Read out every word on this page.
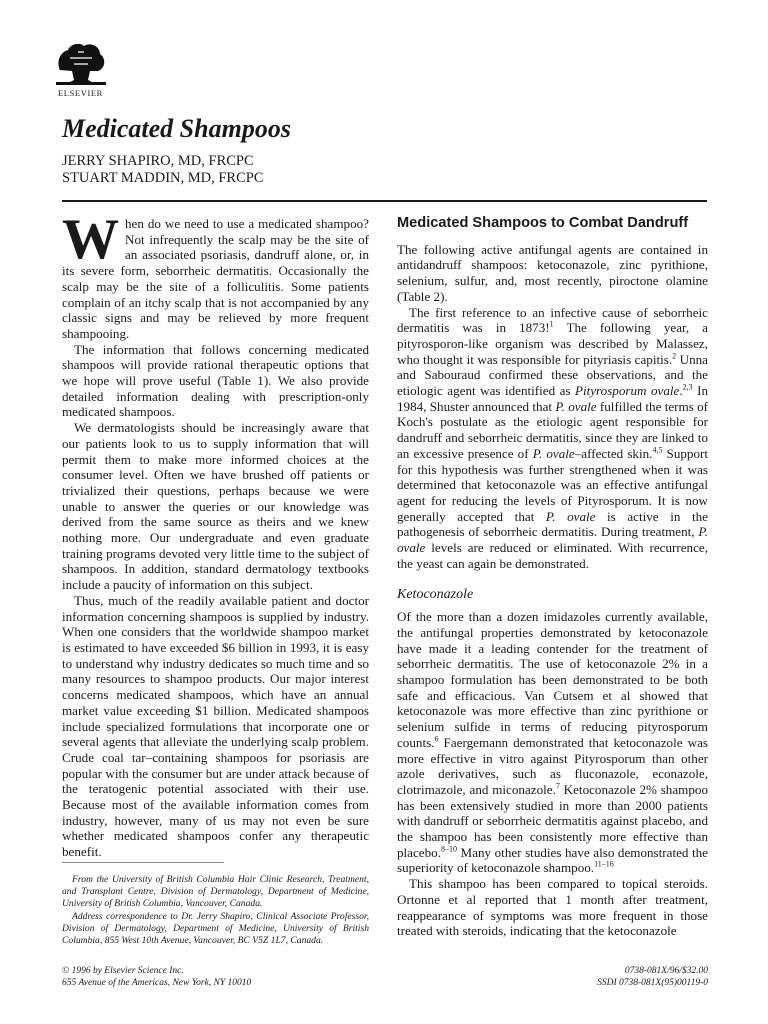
ELSEVIER
Medicated Shampoos
JERRY SHAPIRO, MD, FRCPC
STUART MADDIN, MD, FRCPC

When do we need to use a medicated shampoo? Not infrequently the scalp may be the site of an associated psoriasis, dandruff alone, or, in its severe form, seborrheic dermatitis. Occasionally the scalp may be the site of a folliculitis. Some patients complain of an itchy scalp that is not accompanied by any classic signs and may be relieved by more frequent shampooing.

The information that follows concerning medicated shampoos will provide rational therapeutic options that we hope will prove useful (Table 1). We also provide detailed information dealing with prescription-only medicated shampoos.

We dermatologists should be increasingly aware that our patients look to us to supply information that will permit them to make more informed choices at the consumer level. Often we have brushed off patients or trivialized their questions, perhaps because we were unable to answer the queries or our knowledge was derived from the same source as theirs and we knew nothing more. Our undergraduate and even graduate training programs devoted very little time to the subject of shampoos. In addition, standard dermatology textbooks include a paucity of information on this subject.

Thus, much of the readily available patient and doctor information concerning shampoos is supplied by industry. When one considers that the worldwide shampoo market is estimated to have exceeded $6 billion in 1993, it is easy to understand why industry dedicates so much time and so many resources to shampoo products. Our major interest concerns medicated shampoos, which have an annual market value exceeding $1 billion. Medicated shampoos include specialized formulations that incorporate one or several agents that alleviate the underlying scalp problem. Crude coal tar–containing shampoos for psoriasis are popular with the consumer but are under attack because of the teratogenic potential associated with their use. Because most of the available information comes from industry, however, many of us may not even be sure whether medicated shampoos confer any therapeutic benefit.

From the University of British Columbia Hair Clinic Research, Treatment, and Transplant Centre, Division of Dermatology, Department of Medicine, University of British Columbia, Vancouver, Canada.

Address correspondence to Dr. Jerry Shapiro, Clinical Associate Professor, Division of Dermatology, Department of Medicine, University of British Columbia, 855 West 10th Avenue, Vancouver, BC V5Z 1L7, Canada.

Medicated Shampoos to Combat Dandruff

The following active antifungal agents are contained in antidandruff shampoos: ketoconazole, zinc pyrithione, selenium, sulfur, and, most recently, piroctone olamine (Table 2).

The first reference to an infective cause of seborrheic dermatitis was in 1873!$^1$ The following year, a pityrosporon-like organism was described by Malassez, who thought it was responsible for pityriasis capitis.$^2$ Unna and Sabouraud confirmed these observations, and the etiologic agent was identified as Pityrosporum ovale.$^{2,3}$ In 1984, Shuster announced that P. ovale fulfilled the terms of Koch's postulate as the etiologic agent responsible for dandruff and seborrheic dermatitis, since they are linked to an excessive presence of P. ovale–affected skin.$^{4,5}$ Support for this hypothesis was further strengthened when it was determined that ketoconazole was an effective antifungal agent for reducing the levels of Pityrosporum. It is now generally accepted that P. ovale is active in the pathogenesis of seborrheic dermatitis. During treatment, P. ovale levels are reduced or eliminated. With recurrence, the yeast can again be demonstrated.

Ketoconazole

Of the more than a dozen imidazoles currently available, the antifungal properties demonstrated by ketoconazole have made it a leading contender for the treatment of seborrheic dermatitis. The use of ketoconazole 2% in a shampoo formulation has been demonstrated to be both safe and efficacious. Van Cutsem et al showed that ketoconazole was more effective than zinc pyrithione or selenium sulfide in terms of reducing pityrosporum counts.$^6$ Faergemann demonstrated that ketoconazole was more effective in vitro against Pityrosporum than other azole derivatives, such as fluconazole, econazole, clotrimazole, and miconazole.$^7$ Ketoconazole 2% shampoo has been extensively studied in more than 2000 patients with dandruff or seborrheic dermatitis against placebo, and the shampoo has been consistently more effective than placebo.$^{8-10}$ Many other studies have also demonstrated the superiority of ketoconazole shampoo.$^{11-16}$

This shampoo has been compared to topical steroids. Ortonne et al reported that 1 month after treatment, reappearance of symptoms was more frequent in those treated with steroids, indicating that the ketoconazole

© 1996 by Elsevier Science Inc.
655 Avenue of the Americas, New York, NY 10010
0738-081X/96/$32.00
SSDI 0738-081X(95)00119-0
